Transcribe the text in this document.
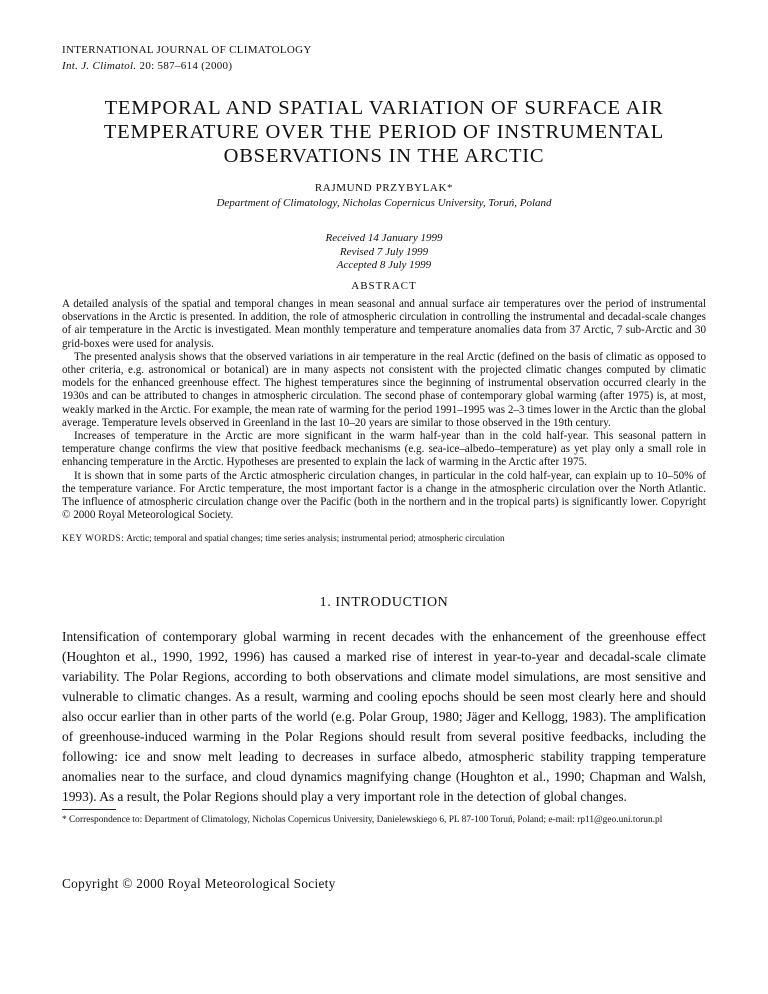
INTERNATIONAL JOURNAL OF CLIMATOLOGY
Int. J. Climatol. 20: 587–614 (2000)
TEMPORAL AND SPATIAL VARIATION OF SURFACE AIR
TEMPERATURE OVER THE PERIOD OF INSTRUMENTAL
OBSERVATIONS IN THE ARCTIC
RAJMUND PRZYBYLAK*
Department of Climatology, Nicholas Copernicus University, Toruń, Poland
Received 14 January 1999
Revised 7 July 1999
Accepted 8 July 1999
ABSTRACT

A detailed analysis of the spatial and temporal changes in mean seasonal and annual surface air temperatures over the period of instrumental observations in the Arctic is presented. In addition, the role of atmospheric circulation in controlling the instrumental and decadal-scale changes of air temperature in the Arctic is investigated. Mean monthly temperature and temperature anomalies data from 37 Arctic, 7 sub-Arctic and 30 grid-boxes were used for analysis.

The presented analysis shows that the observed variations in air temperature in the real Arctic (defined on the basis of climatic as opposed to other criteria, e.g. astronomical or botanical) are in many aspects not consistent with the projected climatic changes computed by climatic models for the enhanced greenhouse effect. The highest temperatures since the beginning of instrumental observation occurred clearly in the 1930s and can be attributed to changes in atmospheric circulation. The second phase of contemporary global warming (after 1975) is, at most, weakly marked in the Arctic. For example, the mean rate of warming for the period 1991–1995 was 2–3 times lower in the Arctic than the global average. Temperature levels observed in Greenland in the last 10–20 years are similar to those observed in the 19th century.

Increases of temperature in the Arctic are more significant in the warm half-year than in the cold half-year. This seasonal pattern in temperature change confirms the view that positive feedback mechanisms (e.g. sea-ice–albedo–temperature) as yet play only a small role in enhancing temperature in the Arctic. Hypotheses are presented to explain the lack of warming in the Arctic after 1975.

It is shown that in some parts of the Arctic atmospheric circulation changes, in particular in the cold half-year, can explain up to 10–50% of the temperature variance. For Arctic temperature, the most important factor is a change in the atmospheric circulation over the North Atlantic. The influence of atmospheric circulation change over the Pacific (both in the northern and in the tropical parts) is significantly lower. Copyright © 2000 Royal Meteorological Society.

KEY WORDS: Arctic; temporal and spatial changes; time series analysis; instrumental period; atmospheric circulation
1. INTRODUCTION

Intensification of contemporary global warming in recent decades with the enhancement of the greenhouse effect (Houghton et al., 1990, 1992, 1996) has caused a marked rise of interest in year-to-year and decadal-scale climate variability. The Polar Regions, according to both observations and climate model simulations, are most sensitive and vulnerable to climatic changes. As a result, warming and cooling epochs should be seen most clearly here and should also occur earlier than in other parts of the world (e.g. Polar Group, 1980; Jäger and Kellogg, 1983). The amplification of greenhouse-induced warming in the Polar Regions should result from several positive feedbacks, including the following: ice and snow melt leading to decreases in surface albedo, atmospheric stability trapping temperature anomalies near to the surface, and cloud dynamics magnifying change (Houghton et al., 1990; Chapman and Walsh, 1993). As a result, the Polar Regions should play a very important role in the detection of global changes.

* Correspondence to: Department of Climatology, Nicholas Copernicus University, Danielewskiego 6, PL 87-100 Toruń, Poland; e-mail: rp11@geo.uni.torun.pl
Copyright © 2000 Royal Meteorological Society
